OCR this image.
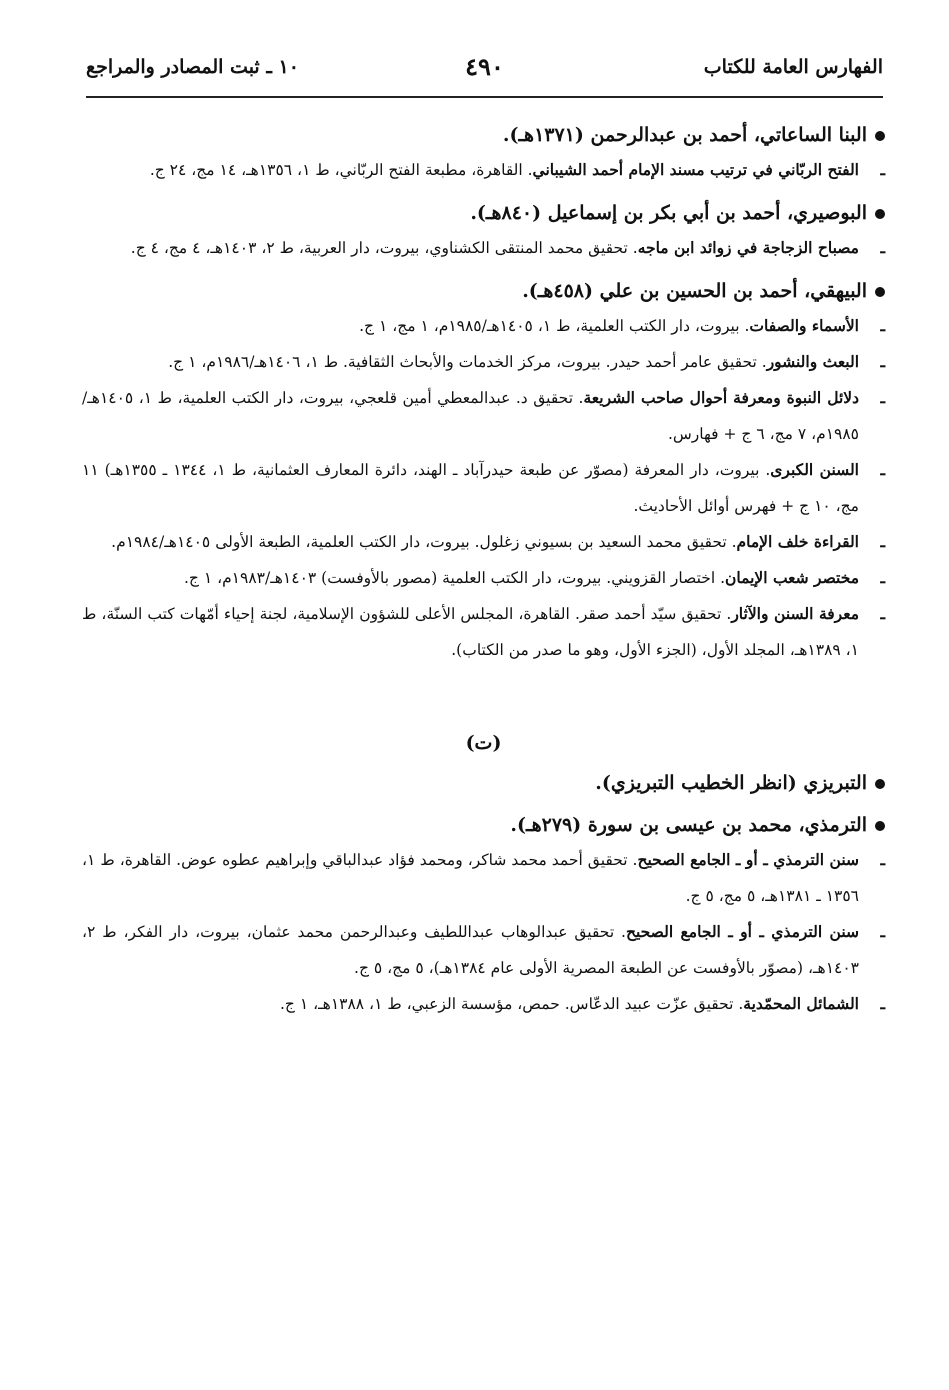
الفهارس العامة للكتاب
٤٩٠
١٠ ـ ثبت المصادر والمراجع
البنا الساعاتي، أحمد بن عبدالرحمن (١٣٧١هـ).
ـ
الفتح الربّاني في ترتيب مسند الإمام أحمد الشيباني. القاهرة، مطبعة الفتح الربّاني، ط ١، ١٣٥٦هـ، ١٤ مج، ٢٤ ج.
البوصيري، أحمد بن أبي بكر بن إسماعيل (٨٤٠هـ).
ـ
مصباح الزجاجة في زوائد ابن ماجه. تحقيق محمد المنتقى الكشناوي، بيروت، دار العربية، ط ٢، ١٤٠٣هـ، ٤ مج، ٤ ج.
البيهقي، أحمد بن الحسين بن علي (٤٥٨هـ).
ـ
الأسماء والصفات. بيروت، دار الكتب العلمية، ط ١، ١٤٠٥هـ/١٩٨٥م، ١ مج، ١ ج.
ـ
البعث والنشور. تحقيق عامر أحمد حيدر. بيروت، مركز الخدمات والأبحاث الثقافية. ط ١، ١٤٠٦هـ/١٩٨٦م، ١ ج.
ـ
دلائل النبوة ومعرفة أحوال صاحب الشريعة. تحقيق د. عبدالمعطي أمين قلعجي، بيروت، دار الكتب العلمية، ط ١، ١٤٠٥هـ/١٩٨٥م، ٧ مج، ٦ ج + فهارس.
ـ
السنن الكبرى. بيروت، دار المعرفة (مصوّر عن طبعة حيدرآباد ـ الهند، دائرة المعارف العثمانية، ط ١، ١٣٤٤ ـ ١٣٥٥هـ) ١١ مج، ١٠ ج + فهرس أوائل الأحاديث.
ـ
القراءة خلف الإمام. تحقيق محمد السعيد بن بسيوني زغلول. بيروت، دار الكتب العلمية، الطبعة الأولى ١٤٠٥هـ/١٩٨٤م.
ـ
مختصر شعب الإيمان. اختصار القزويني. بيروت، دار الكتب العلمية (مصور بالأوفست) ١٤٠٣هـ/١٩٨٣م، ١ ج.
ـ
معرفة السنن والآثار. تحقيق سيّد أحمد صقر. القاهرة، المجلس الأعلى للشؤون الإسلامية، لجنة إحياء أمّهات كتب السنّة، ط ١، ١٣٨٩هـ، المجلد الأول، (الجزء الأول، وهو ما صدر من الكتاب).
(ت)
التبريزي (انظر الخطيب التبريزي).
الترمذي، محمد بن عيسى بن سورة (٢٧٩هـ).
ـ
سنن الترمذي ـ أو ـ الجامع الصحيح. تحقيق أحمد محمد شاكر، ومحمد فؤاد عبدالباقي وإبراهيم عطوه عوض. القاهرة، ط ١، ١٣٥٦ ـ ١٣٨١هـ، ٥ مج، ٥ ج.
ـ
سنن الترمذي ـ أو ـ الجامع الصحيح. تحقيق عبدالوهاب عبداللطيف وعبدالرحمن محمد عثمان، بيروت، دار الفكر، ط ٢، ١٤٠٣هـ، (مصوّر بالأوفست عن الطبعة المصرية الأولى عام ١٣٨٤هـ)، ٥ مج، ٥ ج.
ـ
الشمائل المحمّدية. تحقيق عزّت عبيد الدعّاس. حمص، مؤسسة الزعبي، ط ١، ١٣٨٨هـ، ١ ج.
